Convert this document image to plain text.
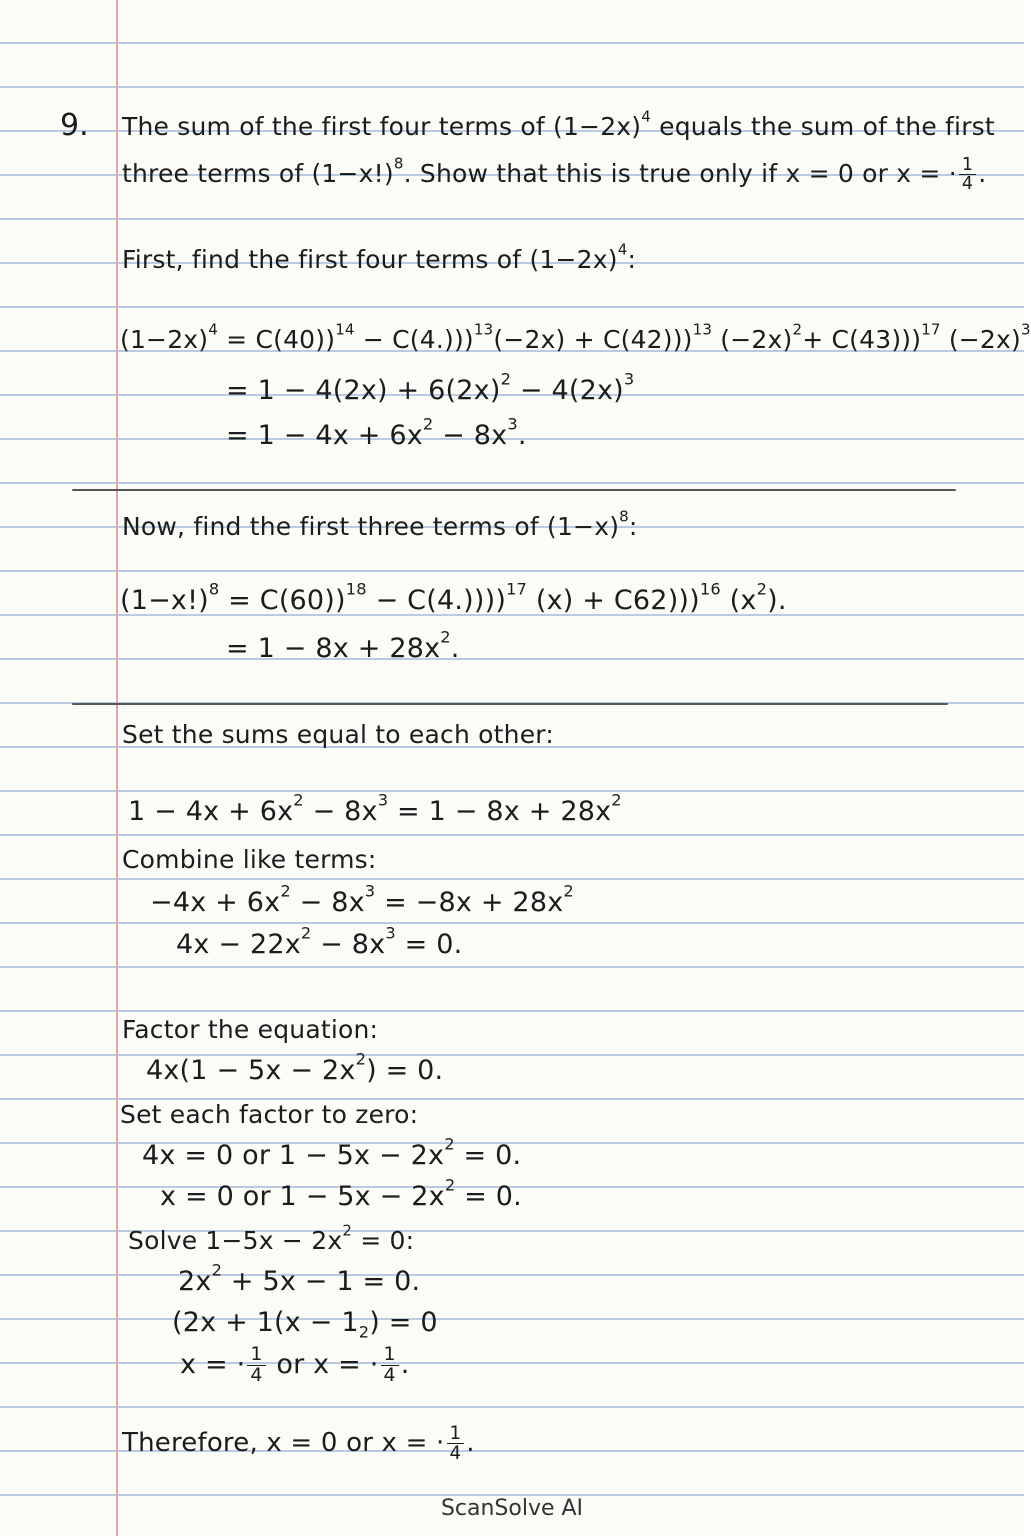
9. The sum of the first four terms of $(1-2x)^4$ equals the sum of the first
three terms of $(1-x!)^8$. Show that this is true only if x = 0 or x = · $\frac{1}{4}$ .
First, find the first four terms of $(1-2x)^4$:
$(1-2x)^4 = C(40))^{14} - C(4.)))^{13}(-2x) + C(42)))^{13}$ $(-2x)^2+ C(43)))^{17}$ $(-2x)^3$
= $1 - 4(2x) + 6(2x)^2 - 4(2x)^3$
= $1 - 4x + 6x^2 - 8x^3$.
Now, find the first three terms of $(1-x)^8$:
$(1-x!)^8 = C(60))^{18} - C(4.))))^{17}$ (x) + C62)))$^{16}$ $(x^2)$.
= $1 - 8x + 28x^2$.
Set the sums equal to each other:
$1 - 4x + 6x^2 - 8x^3 = 1 - 8x + 28x^2$
Combine like terms:
$-4x + 6x^2 - 8x^3 = -8x + 28x^2$
$4x - 22x^2 - 8x^3 = 0$.
Factor the equation:
$4x(1 - 5x - 2x^2) = 0$.
Set each factor to zero:
4x = 0 or $1 - 5x - 2x^2 = 0$.
x = 0 or $1 - 5x - 2x^2 = 0$.
Solve $1-5x - 2x^2 = 0$:
$2x^2 + 5x - 1 = 0$.
($2x + 1(x - 1_2) = 0$
x = · $\frac{1}{4}$ or x = · $\frac{1}{4}$ .
Therefore, x = 0 or x = · $\frac{1}{4}$ .
ScanSolve AI
